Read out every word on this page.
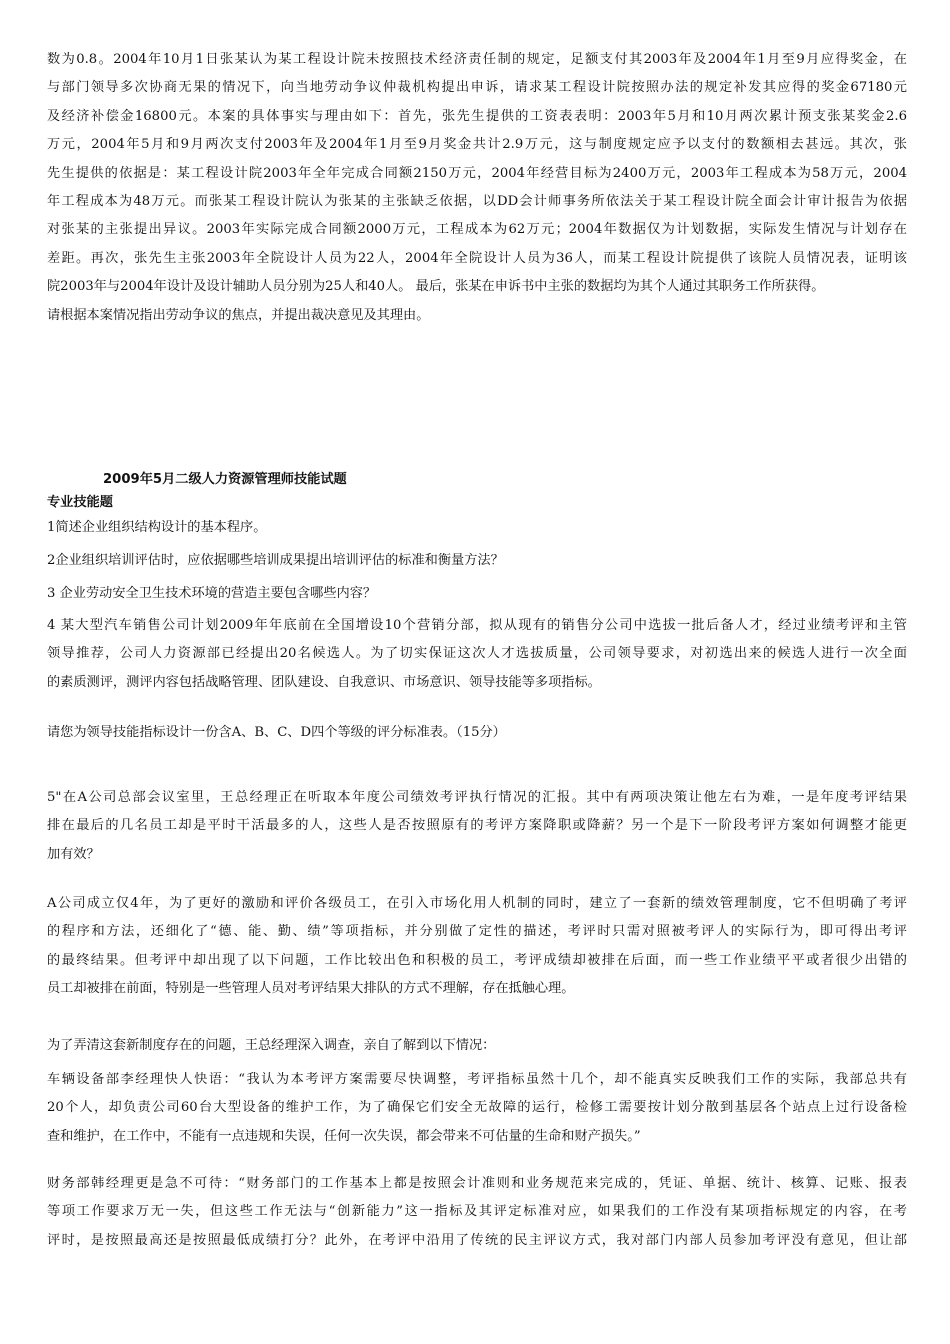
数为0.8。2004年10月1日张某认为某工程设计院未按照技术经济责任制的规定，足额支付其2003年及2004年1月至9月应得奖金，在

与部门领导多次协商无果的情况下，向当地劳动争议仲裁机构提出申诉，请求某工程设计院按照办法的规定补发其应得的奖金67180元

及经济补偿金16800元。本案的具体事实与理由如下：首先，张先生提供的工资表表明：2003年5月和10月两次累计预支张某奖金2.6

万元，2004年5月和9月两次支付2003年及2004年1月至9月奖金共计2.9万元，这与制度规定应予以支付的数额相去甚远。其次，张

先生提供的依据是：某工程设计院2003年全年完成合同额2150万元，2004年经营目标为2400万元，2003年工程成本为58万元，2004

年工程成本为48万元。而张某工程设计院认为张某的主张缺乏依据，以DD会计师事务所依法关于某工程设计院全面会计审计报告为依据

对张某的主张提出异议。2003年实际完成合同额2000万元，工程成本为62万元；2004年数据仅为计划数据，实际发生情况与计划存在

差距。再次，张先生主张2003年全院设计人员为22人，2004年全院设计人员为36人，而某工程设计院提供了该院人员情况表，证明该

院2003年与2004年设计及设计辅助人员分别为25人和40人。 最后，张某在申诉书中主张的数据均为其个人通过其职务工作所获得。

请根据本案情况指出劳动争议的焦点，并提出裁决意见及其理由。

2009年5月二级人力资源管理师技能试题

专业技能题

1简述企业组织结构设计的基本程序。

2企业组织培训评估时，应依据哪些培训成果提出培训评估的标准和衡量方法？

3 企业劳动安全卫生技术环境的营造主要包含哪些内容？

4 某大型汽车销售公司计划2009年年底前在全国增设10个营销分部，拟从现有的销售分公司中选拔一批后备人才，经过业绩考评和主管

领导推荐，公司人力资源部已经提出20名候选人。为了切实保证这次人才选拔质量，公司领导要求，对初选出来的候选人进行一次全面

的素质测评，测评内容包括战略管理、团队建设、自我意识、市场意识、领导技能等多项指标。

请您为领导技能指标设计一份含A、B、C、D四个等级的评分标准表。（15分）

5"在A公司总部会议室里，王总经理正在听取本年度公司绩效考评执行情况的汇报。其中有两项决策让他左右为难，一是年度考评结果

排在最后的几名员工却是平时干活最多的人，这些人是否按照原有的考评方案降职或降薪？另一个是下一阶段考评方案如何调整才能更

加有效？

A公司成立仅4年，为了更好的激励和评价各级员工，在引入市场化用人机制的同时，建立了一套新的绩效管理制度，它不但明确了考评

的程序和方法，还细化了“德、能、勤、绩”等项指标，并分别做了定性的描述，考评时只需对照被考评人的实际行为，即可得出考评

的最终结果。但考评中却出现了以下问题，工作比较出色和积极的员工，考评成绩却被排在后面，而一些工作业绩平平或者很少出错的

员工却被排在前面，特别是一些管理人员对考评结果大排队的方式不理解，存在抵触心理。

为了弄清这套新制度存在的问题，王总经理深入调查，亲自了解到以下情况：

车辆设备部李经理快人快语：“我认为本考评方案需要尽快调整，考评指标虽然十几个，却不能真实反映我们工作的实际，我部总共有

20个人，却负责公司60台大型设备的维护工作，为了确保它们安全无故障的运行，检修工需要按计划分散到基层各个站点上过行设备检

查和维护，在工作中，不能有一点违规和失误，任何一次失误，都会带来不可估量的生命和财产损失。”

财务部韩经理更是急不可待：“财务部门的工作基本上都是按照会计准则和业务规范来完成的，凭证、单据、统计、核算、记账、报表

等项工作要求万无一失，但这些工作无法与“创新能力”这一指标及其评定标准对应，如果我们的工作没有某项指标规定的内容，在考

评时，是按照最高还是按照最低成绩打分？此外，在考评中沿用了传统的民主评议方式，我对部门内部人员参加考评没有意见，但让部
